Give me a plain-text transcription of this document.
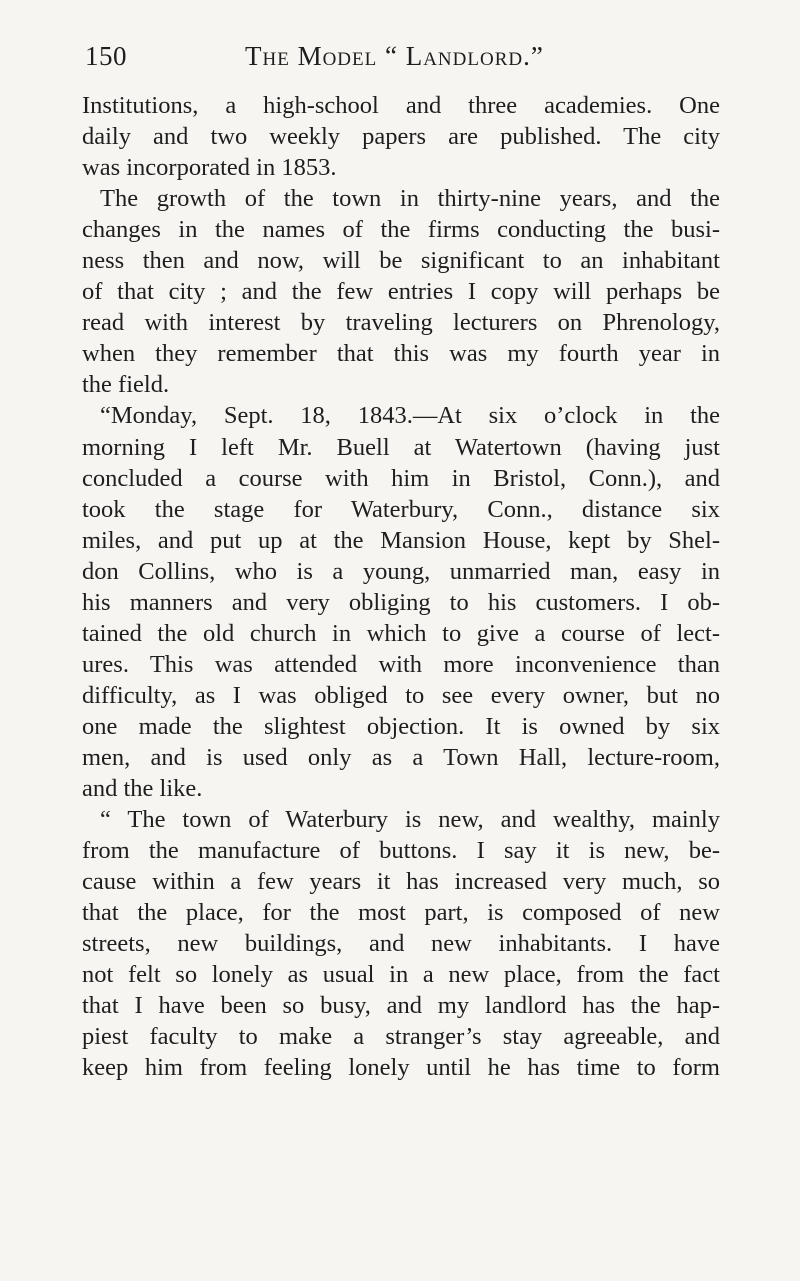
150	The Model “ Landlord.”
Institutions, a high-school and three academies. One
daily and two weekly papers are published. The city
was incorporated in 1853.
The growth of the town in thirty-nine years, and the
changes in the names of the firms conducting the busi-
ness then and now, will be significant to an inhabitant
of that city ; and the few entries I copy will perhaps be
read with interest by traveling lecturers on Phrenology,
when they remember that this was my fourth year in
the field.
“Monday, Sept. 18, 1843.—At six o’clock in the
morning I left Mr. Buell at Watertown (having just
concluded a course with him in Bristol, Conn.), and
took the stage for Waterbury, Conn., distance six
miles, and put up at the Mansion House, kept by Shel-
don Collins, who is a young, unmarried man, easy in
his manners and very obliging to his customers. I ob-
tained the old church in which to give a course of lect-
ures. This was attended with more inconvenience than
difficulty, as I was obliged to see every owner, but no
one made the slightest objection. It is owned by six
men, and is used only as a Town Hall, lecture-room,
and the like.
“ The town of Waterbury is new, and wealthy, mainly
from the manufacture of buttons. I say it is new, be-
cause within a few years it has increased very much, so
that the place, for the most part, is composed of new
streets, new buildings, and new inhabitants. I have
not felt so lonely as usual in a new place, from the fact
that I have been so busy, and my landlord has the hap-
piest faculty to make a stranger’s stay agreeable, and
keep him from feeling lonely until he has time to form
